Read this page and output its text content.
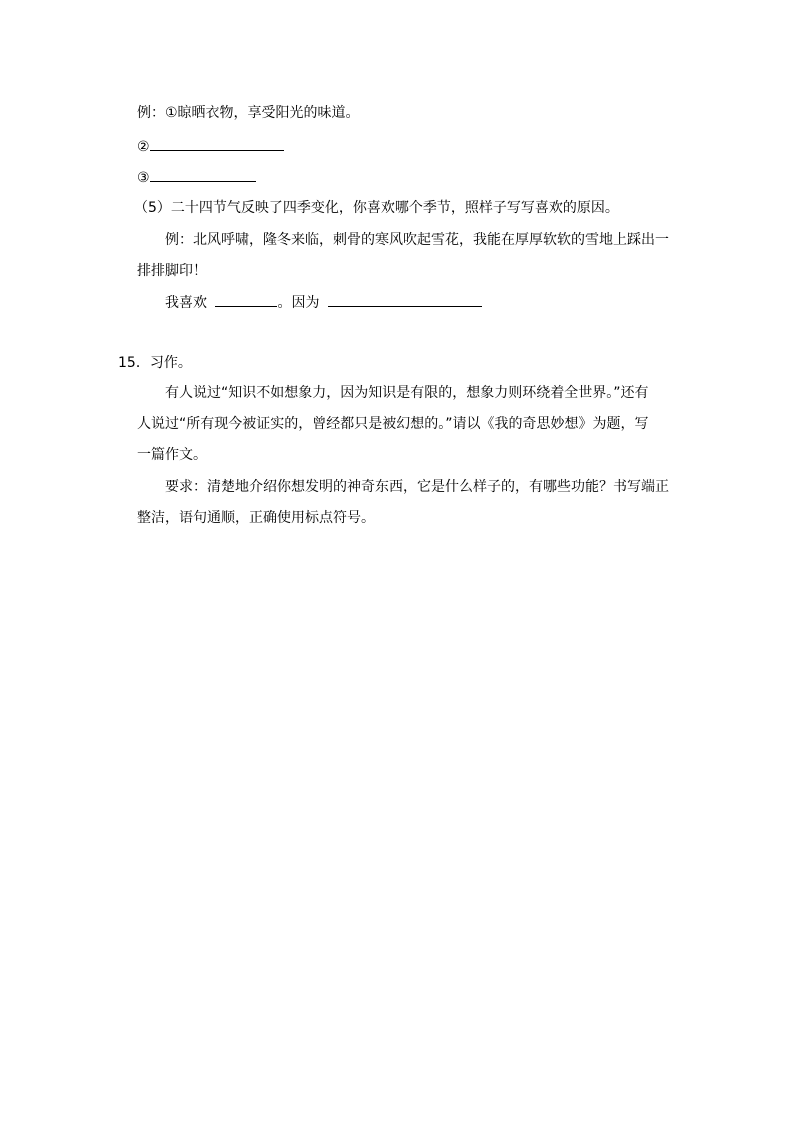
例：①晾晒衣物，享受阳光的味道。
②
③
（5）二十四节气反映了四季变化，你喜欢哪个季节，照样子写写喜欢的原因。
例：北风呼啸，隆冬来临，刺骨的寒风吹起雪花，我能在厚厚软软的雪地上踩出一
排排脚印！
我喜欢	。因为
15．习作。
有人说过“知识不如想象力，因为知识是有限的，想象力则环绕着全世界。”还有
人说过“所有现今被证实的，曾经都只是被幻想的。”请以《我的奇思妙想》为题，写
一篇作文。
要求：清楚地介绍你想发明的神奇东西，它是什么样子的，有哪些功能？书写端正
整洁，语句通顺，正确使用标点符号。
